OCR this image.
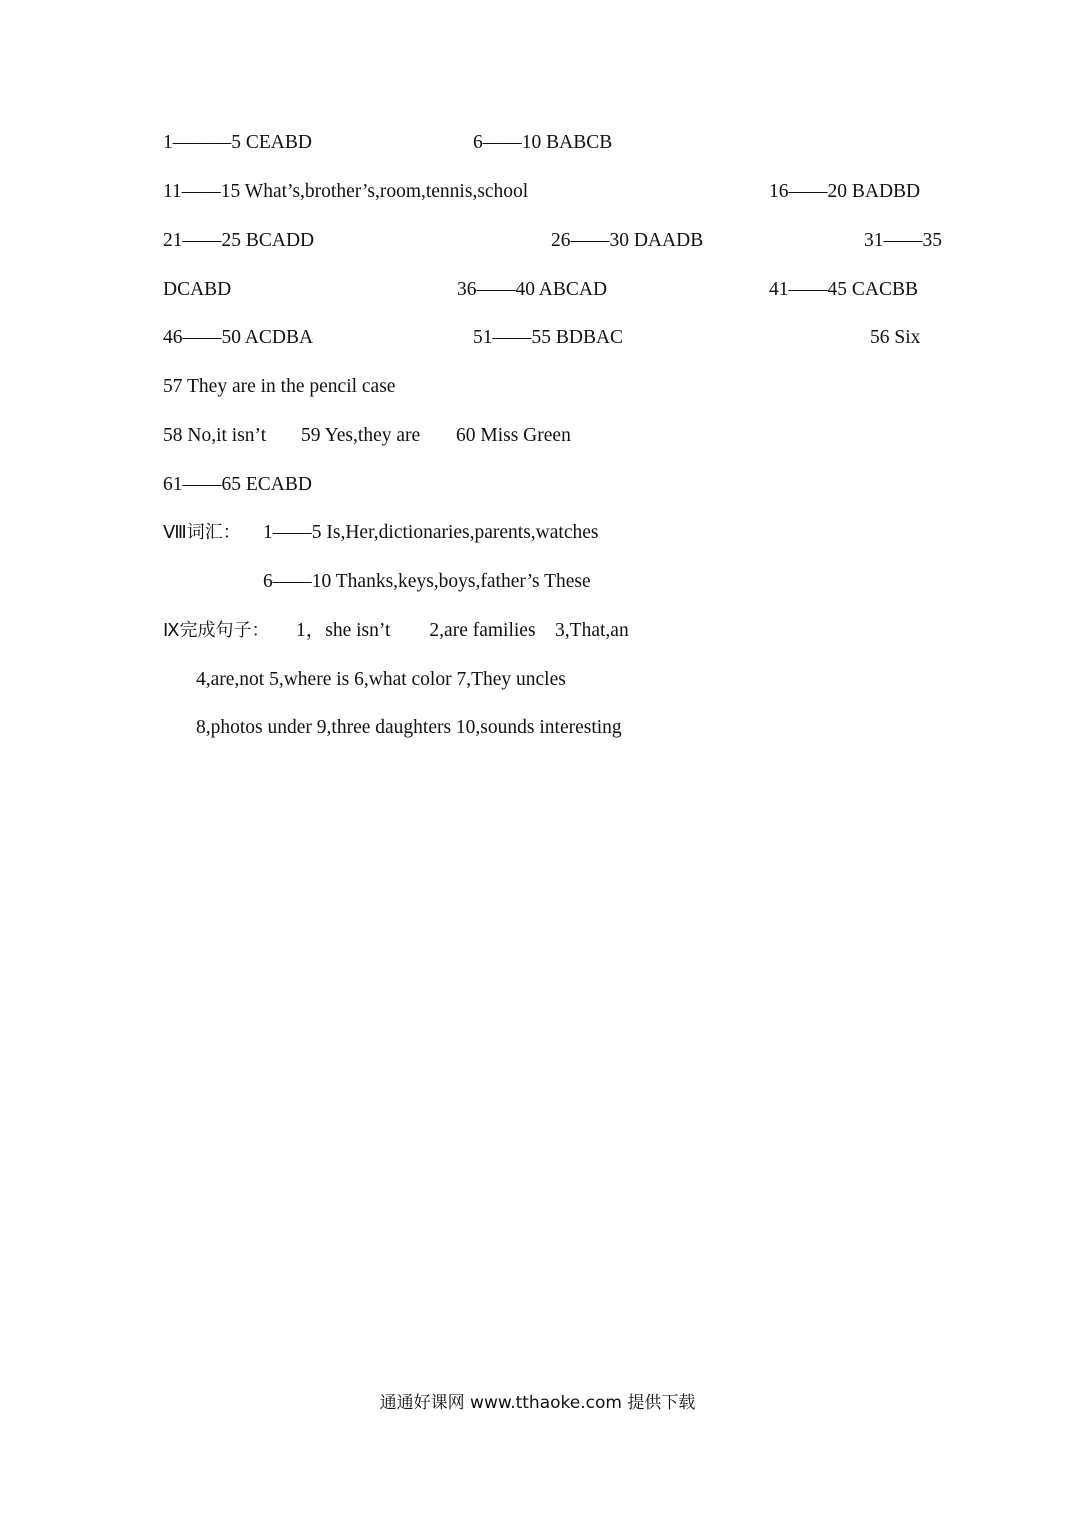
1———5 CEABD	6——10 BABCB
11——15 What’s,brother’s,room,tennis,school	16——20 BADBD
21——25 BCADD	26——30 DAADB	31——35
DCABD	36——40 ABCAD	41——45 CACBB
46——50 ACDBA	51——55 BDBAC	56 Six
57 They are in the pencil case
58 No,it isn’t 59 Yes,they are 60 Miss Green
61——65 ECABD
Ⅷ词汇： 1——5 Is,Her,dictionaries,parents,watches
6——10 Thanks,keys,boys,father’s These
Ⅸ完成句子： 1，she isn’t        2,are families    3,That,an
4,are,not 5,where is 6,what color 7,They uncles
8,photos under 9,three daughters 10,sounds interesting
通通好课网 www.tthaoke.com 提供下载
